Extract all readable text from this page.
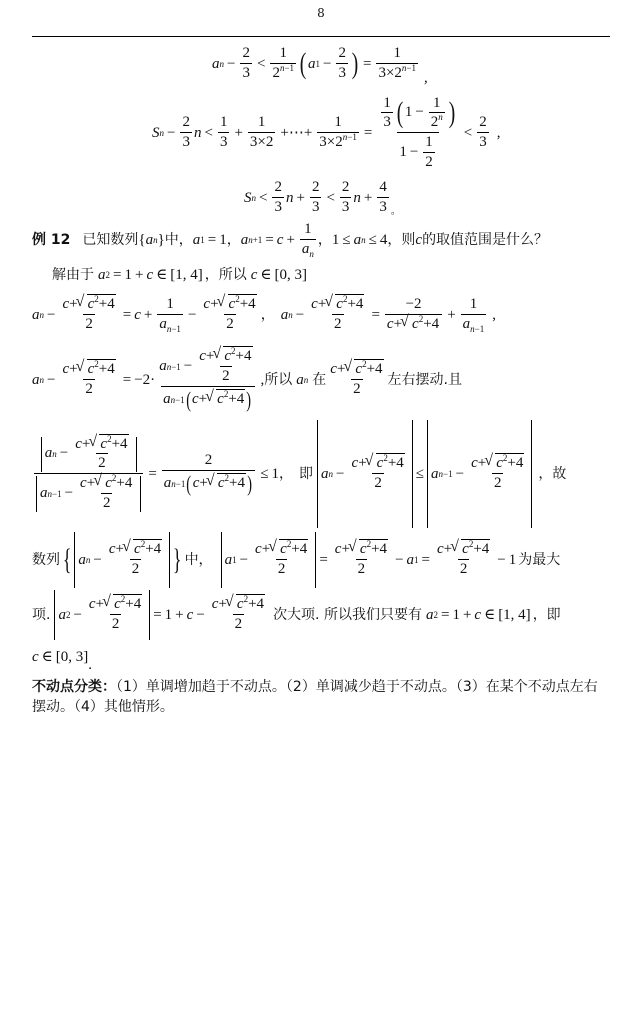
8
a $n - \frac{2}{3} < \frac{1}{2^{n-1}}$ ( a $1 - \frac{2}{3}$ ) = $\frac{1}{3\times 2^{n-1}}$ ,
S $n - \frac{2}{3}$ $n < \frac{1}{3} + \frac{1}{3\times 2}$ +⋯+ $\frac{1}{3\times 2^{n-1}} = \frac{\frac{1}{3} ( 1 - \frac{1}{2^n} )}{1 - \frac{1}{2}} < \frac{2}{3}$ ,
S $n < \frac{2}{3}$ $n + \frac{2}{3} < \frac{2}{3}$ $n + \frac{4}{3}$ 。
例 12 已知数列 { a n } 中， a 1 = 1 ， a $n+1 = c + \frac{1}{a_n}$ ， 1 ≤ a n ≤ 4 ，则 c 的取值范围是什么？
解由于 a 2 = 1 + c ∈ [1, 4] ，所以 c ∈ [0, 3]
a $n - \frac{c+√ c^2+4}{2} = c + \frac{1}{a_{n-1}} - \frac{c+√ c^2+4}{2}$ ， a $n - \frac{c+√ c^2+4}{2} = \frac{-2}{c+√ c^2+4} + \frac{1}{a_{n-1}}$ ,
a $n - \frac{c+√ c^2+4}{2} = -2\cdot a$ $n-1 - \frac{c+√ c^2+4}{2}$
a n−1 ( c +
√ $c^2+4$ ) , 所以 a n 在 $\frac{c+√ c^2+4}{2}$ 左右摆动.且
$\frac{a n - \frac{c+√ c^2+4}{2}}{a n-1 - \frac{c+√ c^2+4}{2}} = 2$
a n−1 ( c +
√ $c^2+4$ ) ≤ 1 ， 即 a $n - \frac{c+√ c^2+4}{2} \le a$ $n-1 - \frac{c+√ c^2+4}{2}$ ，故
数列 { a $n - \frac{c+√ c^2+4}{2}$ } 中， a $1 - \frac{c+√ c^2+4}{2} = \frac{c+√ c^2+4}{2} - a$ $1 = \frac{c+√ c^2+4}{2} - 1$ 为最大
项. a $2 - \frac{c+√ c^2+4}{2} = 1 + c - \frac{c+√ c^2+4}{2}$ 次大项. 所以我们只要有 a 2 = 1 + c ∈ [1, 4] ，即
c ∈ [0, 3] .
不动点分类：（1）单调增加趋于不动点。（2）单调减少趋于不动点。（3）在某个不动点左右
摆动。（4）其他情形。
